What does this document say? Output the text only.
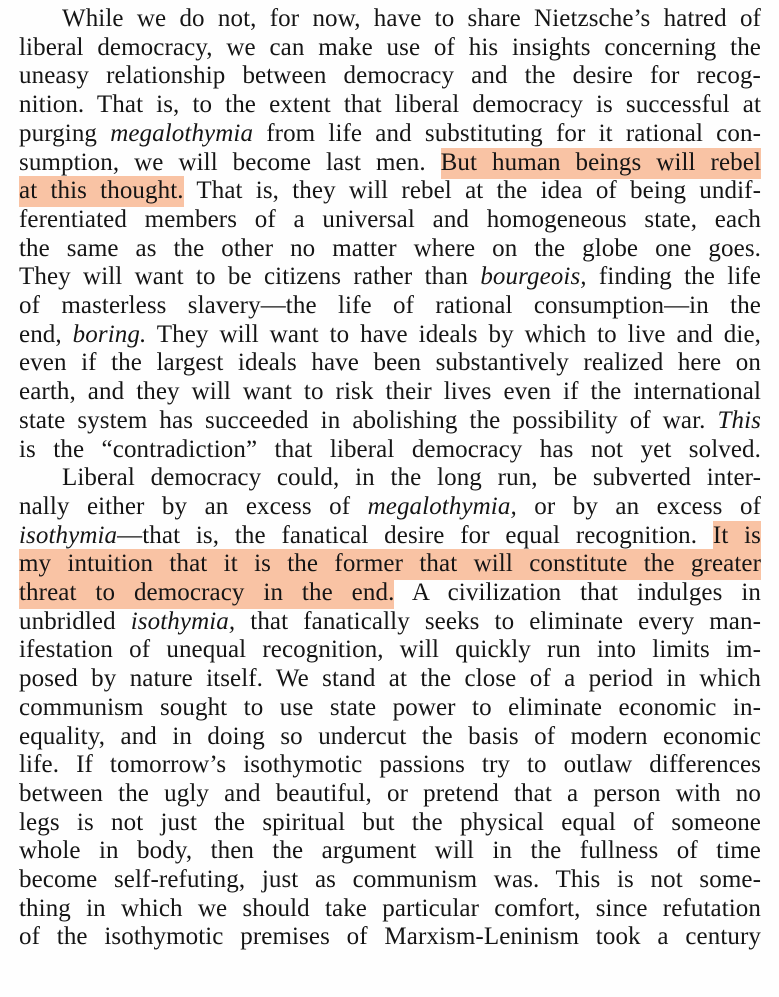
While we do not, for now, have to share Nietzsche’s hatred of
liberal democracy, we can make use of his insights concerning the
uneasy relationship between democracy and the desire for recog-
nition. That is, to the extent that liberal democracy is successful at
purging megalothymia from life and substituting for it rational con-
sumption, we will become last men. But human beings will rebel
at this thought. That is, they will rebel at the idea of being undif-
ferentiated members of a universal and homogeneous state, each
the same as the other no matter where on the globe one goes.
They will want to be citizens rather than bourgeois, finding the life
of masterless slavery—the life of rational consumption—in the
end, boring. They will want to have ideals by which to live and die,
even if the largest ideals have been substantively realized here on
earth, and they will want to risk their lives even if the international
state system has succeeded in abolishing the possibility of war. This
is the “contradiction” that liberal democracy has not yet solved.
Liberal democracy could, in the long run, be subverted inter-
nally either by an excess of megalothymia, or by an excess of
isothymia—that is, the fanatical desire for equal recognition. It is
my intuition that it is the former that will constitute the greater
threat to democracy in the end. A civilization that indulges in
unbridled isothymia, that fanatically seeks to eliminate every man-
ifestation of unequal recognition, will quickly run into limits im-
posed by nature itself. We stand at the close of a period in which
communism sought to use state power to eliminate economic in-
equality, and in doing so undercut the basis of modern economic
life. If tomorrow’s isothymotic passions try to outlaw differences
between the ugly and beautiful, or pretend that a person with no
legs is not just the spiritual but the physical equal of someone
whole in body, then the argument will in the fullness of time
become self-refuting, just as communism was. This is not some-
thing in which we should take particular comfort, since refutation
of the isothymotic premises of Marxism-Leninism took a century
